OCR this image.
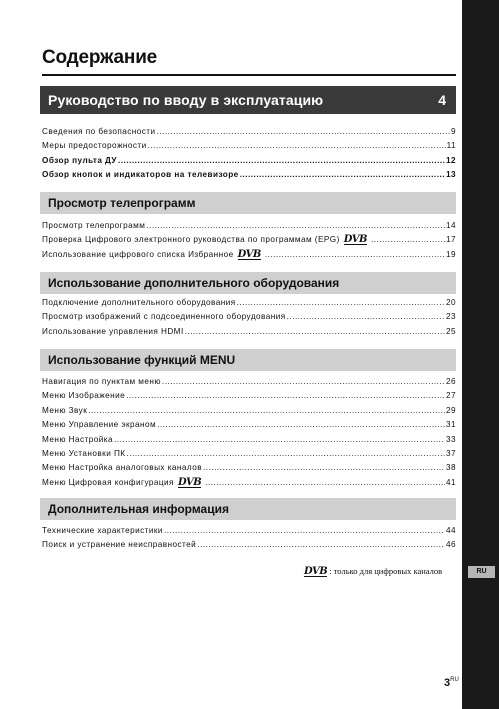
RU
Содержание
Руководство по вводу в эксплуатацию	4
Сведения по безопасности .....	9
Меры предосторожности .....	11
Обзор пульта ДУ .....	12
Обзор кнопок и индикаторов на телевизоре .....	13
Просмотр телепрограмм
Просмотр телепрограмм .....	14
Проверка Цифрового электронного руководства по программам (EPG) DVB .....	17
Использование цифрового списка Избранное DVB .....	19
Использование дополнительного оборудования
Подключение дополнительного оборудования .....	20
Просмотр изображений с подсоединенного оборудования .....	23
Использование управления HDMI .....	25
Использование функций MENU
Навигация по пунктам меню .....	26
Меню Изображение .....	27
Меню Звук .....	29
Меню Управление экраном .....	31
Меню Настройка .....	33
Меню Установки ПК .....	37
Меню Настройка аналоговых каналов .....	38
Меню Цифровая конфигурация DVB .....	41
Дополнительная информация
Технические характеристики .....	44
Поиск и устранение неисправностей .....	46
DVB : только для цифровых каналов
$3^{RU}$
